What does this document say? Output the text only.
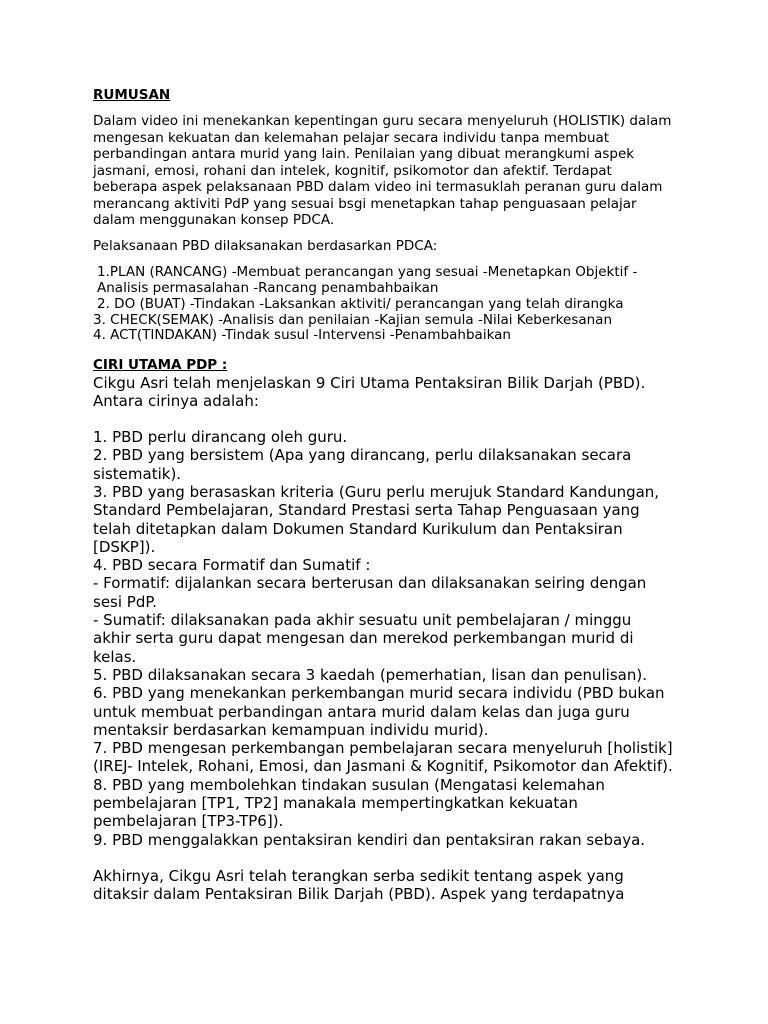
RUMUSAN

Dalam video ini menekankan kepentingan guru secara menyeluruh (HOLISTIK) dalam mengesan kekuatan dan kelemahan pelajar secara individu tanpa membuat perbandingan antara murid yang lain. Penilaian yang dibuat merangkumi aspek jasmani, emosi, rohani dan intelek, kognitif, psikomotor dan afektif. Terdapat beberapa aspek pelaksanaan PBD dalam video ini termasuklah peranan guru dalam merancang aktiviti PdP yang sesuai bsgi menetapkan tahap penguasaan pelajar dalam menggunakan konsep PDCA.

Pelaksanaan PBD dilaksanakan berdasarkan PDCA:

1.PLAN (RANCANG) -Membuat perancangan yang sesuai -Menetapkan Objektif -Analisis permasalahan -Rancang penambahbaikan

2. DO (BUAT) -Tindakan -Laksankan aktiviti/ perancangan yang telah dirangka

3. CHECK(SEMAK) -Analisis dan penilaian -Kajian semula -Nilai Keberkesanan

4. ACT(TINDAKAN) -Tindak susul -Intervensi -Penambahbaikan

CIRI UTAMA PDP :

Cikgu Asri telah menjelaskan 9 Ciri Utama Pentaksiran Bilik Darjah (PBD). Antara cirinya adalah:

1. PBD perlu dirancang oleh guru.

2. PBD yang bersistem (Apa yang dirancang, perlu dilaksanakan secara sistematik).

3. PBD yang berasaskan kriteria (Guru perlu merujuk Standard Kandungan, Standard Pembelajaran, Standard Prestasi serta Tahap Penguasaan yang telah ditetapkan dalam Dokumen Standard Kurikulum dan Pentaksiran [DSKP]).

4. PBD secara Formatif dan Sumatif :

- Formatif: dijalankan secara berterusan dan dilaksanakan seiring dengan sesi PdP.

- Sumatif: dilaksanakan pada akhir sesuatu unit pembelajaran / minggu akhir serta guru dapat mengesan dan merekod perkembangan murid di kelas.

5. PBD dilaksanakan secara 3 kaedah (pemerhatian, lisan dan penulisan).

6. PBD yang menekankan perkembangan murid secara individu (PBD bukan untuk membuat perbandingan antara murid dalam kelas dan juga guru mentaksir berdasarkan kemampuan individu murid).

7. PBD mengesan perkembangan pembelajaran secara menyeluruh [holistik] (IREJ- Intelek, Rohani, Emosi, dan Jasmani & Kognitif, Psikomotor dan Afektif).

8. PBD yang membolehkan tindakan susulan (Mengatasi kelemahan pembelajaran [TP1, TP2] manakala mempertingkatkan kekuatan pembelajaran [TP3-TP6]).

9. PBD menggalakkan pentaksiran kendiri dan pentaksiran rakan sebaya.

Akhirnya, Cikgu Asri telah terangkan serba sedikit tentang aspek yang ditaksir dalam Pentaksiran Bilik Darjah (PBD). Aspek yang terdapatnya
